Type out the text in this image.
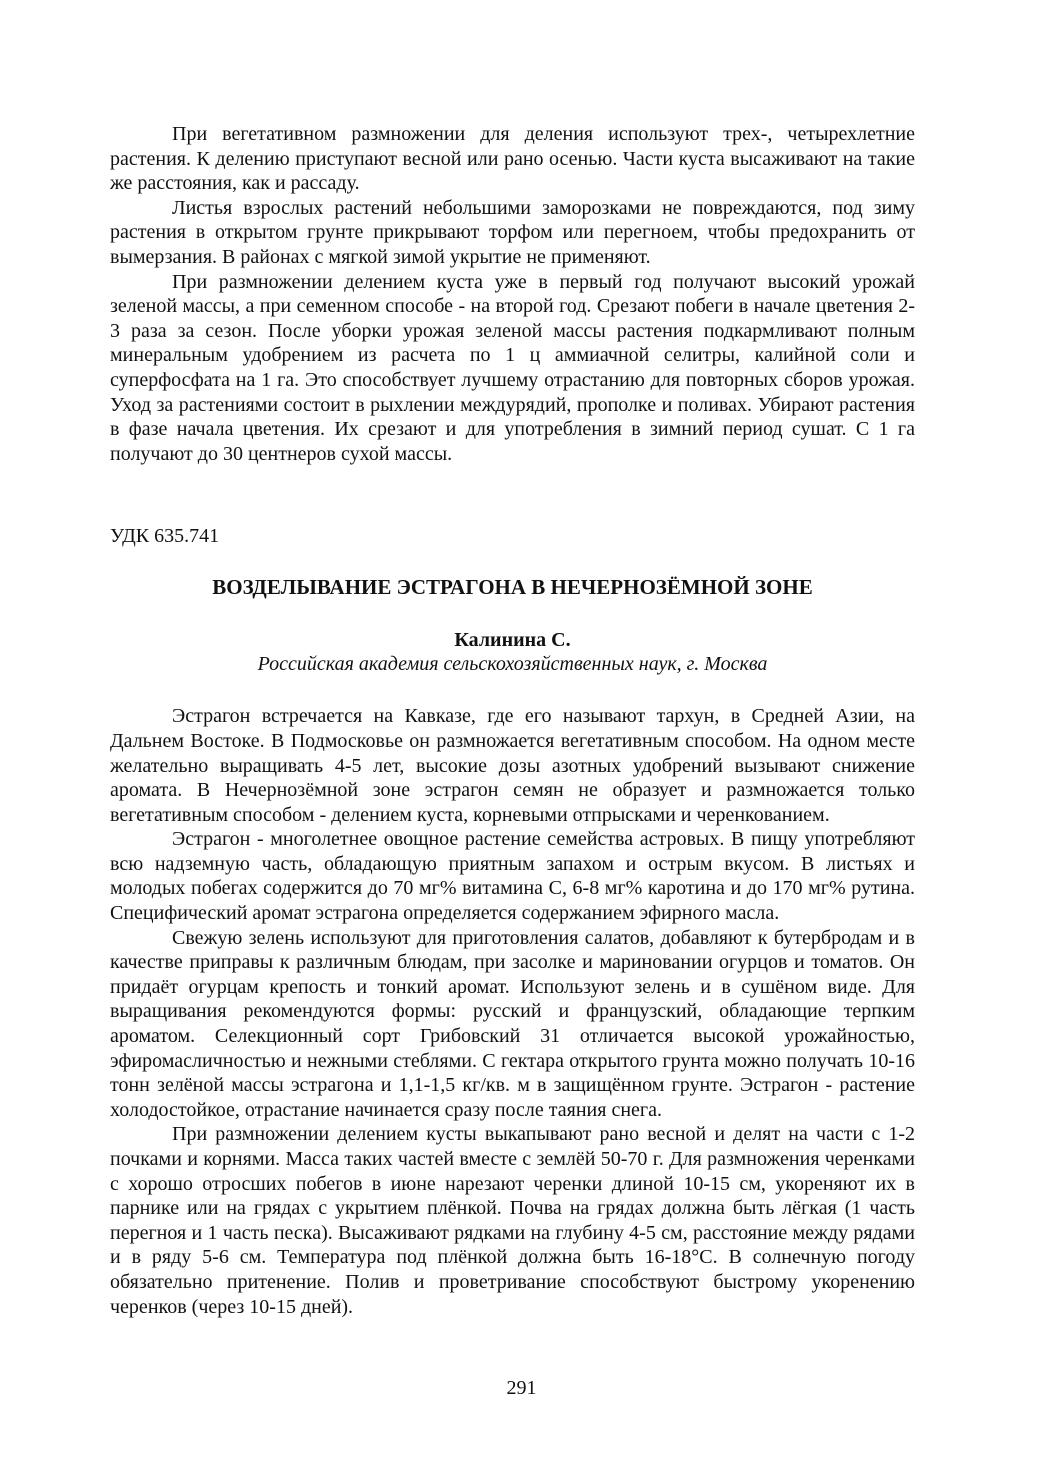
При вегетативном размножении для деления используют трех-, четырехлетние растения. К делению приступают весной или рано осенью. Части куста высаживают на такие же расстояния, как и рассаду.

Листья взрослых растений небольшими заморозками не повреждаются, под зиму растения в открытом грунте прикрывают торфом или перегноем, чтобы предохранить от вымерзания. В районах с мягкой зимой укрытие не применяют.

При размножении делением куста уже в первый год получают высокий урожай зеленой массы, а при семенном способе - на второй год. Срезают побеги в начале цветения 2-3 раза за сезон. После уборки урожая зеленой массы растения подкармливают полным минеральным удобрением из расчета по 1 ц аммиачной селитры, калийной соли и суперфосфата на 1 га. Это способствует лучшему отрастанию для повторных сборов урожая. Уход за растениями состоит в рыхлении междурядий, прополке и поливах. Убирают растения в фазе начала цветения. Их срезают и для употребления в зимний период сушат. С 1 га получают до 30 центнеров сухой массы.

УДК 635.741
ВОЗДЕЛЫВАНИЕ ЭСТРАГОНА В НЕЧЕРНОЗЁМНОЙ ЗОНЕ
Калинина С.
Российская академия сельскохозяйственных наук, г. Москва

Эстрагон встречается на Кавказе, где его называют тархун, в Средней Азии, на Дальнем Востоке. В Подмосковье он размножается вегетативным способом. На одном месте желательно выращивать 4-5 лет, высокие дозы азотных удобрений вызывают снижение аромата. В Нечернозёмной зоне эстрагон семян не образует и размножается только вегетативным способом - делением куста, корневыми отпрысками и черенкованием.

Эстрагон - многолетнее овощное растение семейства астровых. В пищу употребляют всю надземную часть, обладающую приятным запахом и острым вкусом. В листьях и молодых побегах содержится до 70 мг% витамина С, 6-8 мг% каротина и до 170 мг% рутина. Специфический аромат эстрагона определяется содержанием эфирного масла.

Свежую зелень используют для приготовления салатов, добавляют к бутербродам и в качестве приправы к различным блюдам, при засолке и мариновании огурцов и томатов. Он придаёт огурцам крепость и тонкий аромат. Используют зелень и в сушёном виде. Для выращивания рекомендуются формы: русский и французский, обладающие терпким ароматом. Селекционный сорт Грибовский 31 отличается высокой урожайностью, эфиромасличностью и нежными стеблями. С гектара открытого грунта можно получать 10-16 тонн зелёной массы эстрагона и 1,1-1,5 кг/кв. м в защищённом грунте. Эстрагон - растение холодостойкое, отрастание начинается сразу после таяния снега.

При размножении делением кусты выкапывают рано весной и делят на части с 1-2 почками и корнями. Масса таких частей вместе с землёй 50-70 г. Для размножения черенками с хорошо отросших побегов в июне нарезают черенки длиной 10-15 см, укореняют их в парнике или на грядах с укрытием плёнкой. Почва на грядах должна быть лёгкая (1 часть перегноя и 1 часть песка). Высаживают рядками на глубину 4-5 см, расстояние между рядами и в ряду 5-6 см. Температура под плёнкой должна быть 16-18°С. В солнечную погоду обязательно притенение. Полив и проветривание способствуют быстрому укоренению черенков (через 10-15 дней).

291
